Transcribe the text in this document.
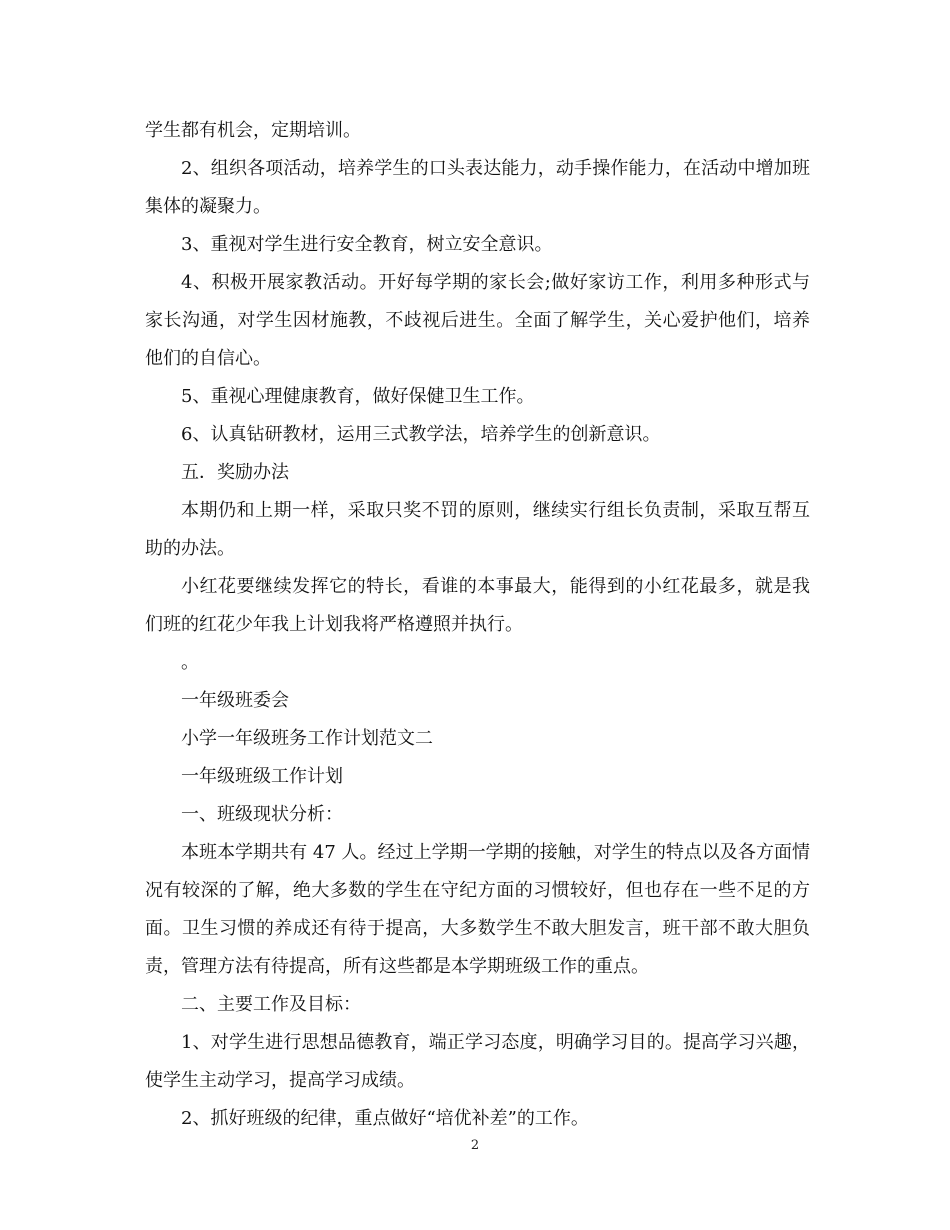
学生都有机会，定期培训。

2、组织各项活动，培养学生的口头表达能力，动手操作能力，在活动中增加班集体的凝聚力。

3、重视对学生进行安全教育，树立安全意识。

4、积极开展家教活动。开好每学期的家长会;做好家访工作，利用多种形式与家长沟通，对学生因材施教，不歧视后进生。全面了解学生，关心爱护他们，培养他们的自信心。

5、重视心理健康教育，做好保健卫生工作。

6、认真钻研教材，运用三式教学法，培养学生的创新意识。

五．奖励办法

本期仍和上期一样，采取只奖不罚的原则，继续实行组长负责制，采取互帮互助的办法。

小红花要继续发挥它的特长，看谁的本事最大，能得到的小红花最多，就是我们班的红花少年我上计划我将严格遵照并执行。

。

一年级班委会

小学一年级班务工作计划范文二

一年级班级工作计划

一、班级现状分析：

本班本学期共有 47 人。经过上学期一学期的接触，对学生的特点以及各方面情况有较深的了解，绝大多数的学生在守纪方面的习惯较好，但也存在一些不足的方面。卫生习惯的养成还有待于提高，大多数学生不敢大胆发言，班干部不敢大胆负责，管理方法有待提高，所有这些都是本学期班级工作的重点。

二、主要工作及目标：

1、对学生进行思想品德教育，端正学习态度，明确学习目的。提高学习兴趣，使学生主动学习，提高学习成绩。

2、抓好班级的纪律，重点做好“培优补差”的工作。

2
